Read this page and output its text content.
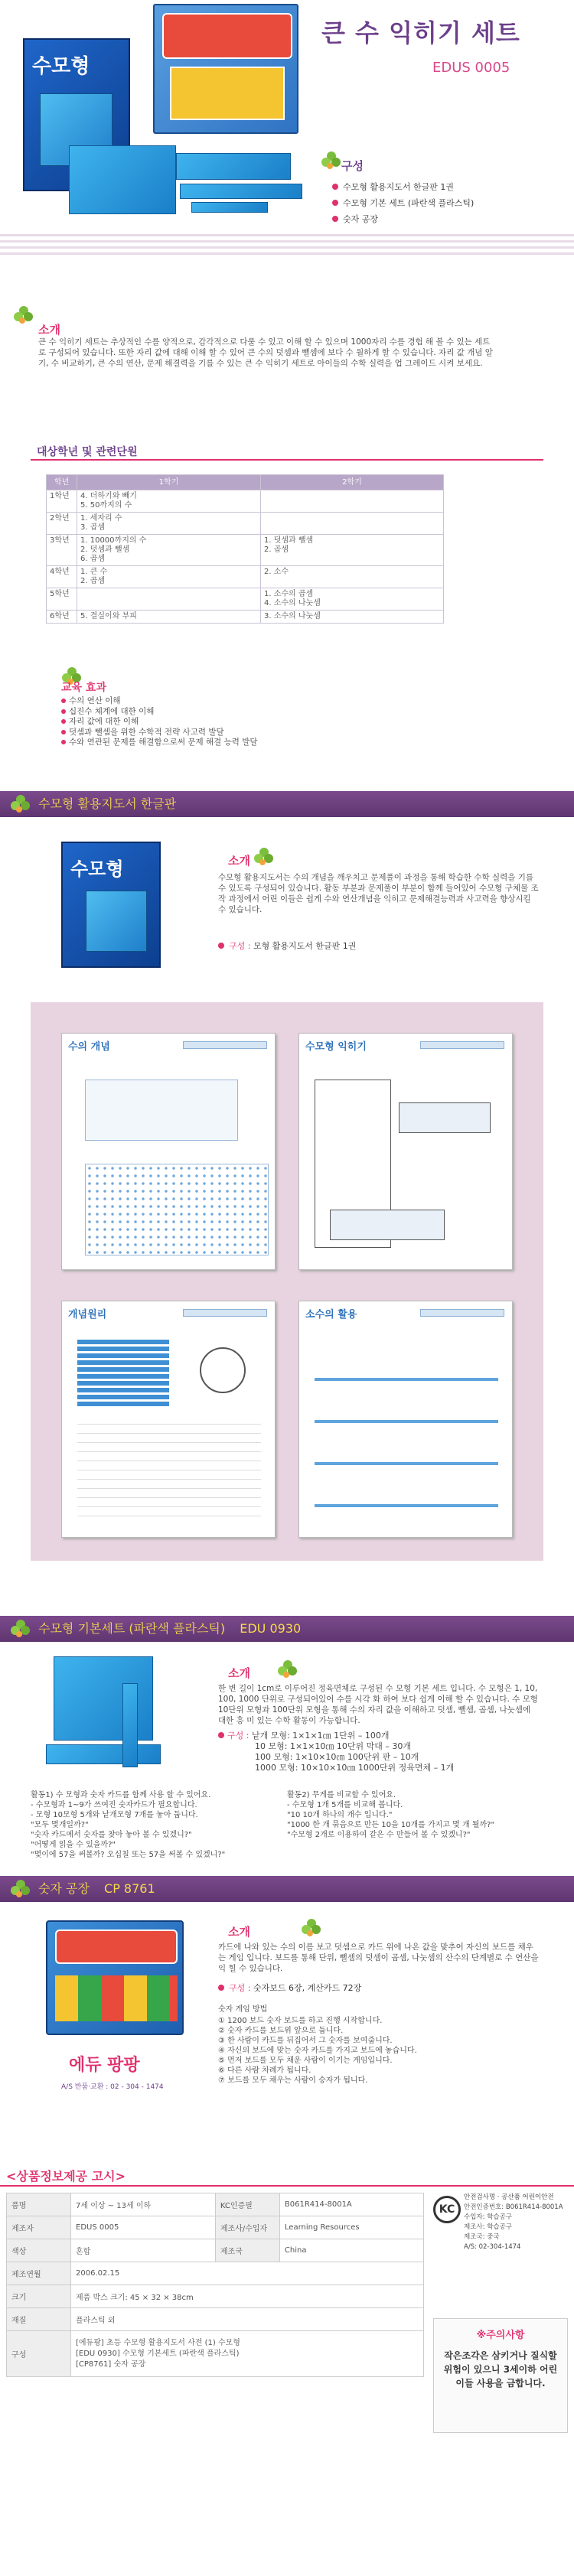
수모형
큰 수 익히기 세트
EDUS 0005
구성
수모형 활용지도서 한글판 1권
수모형 기본 세트 (파란색 플라스틱)
숫자 공장

소개
큰 수 익히기 세트는 추상적인 수를 양적으로, 감각적으로 다룰 수 있고 이해 할 수 있으며 1000자리 수를 경험 해 볼 수 있는 세트로 구성되어 있습니다. 또한 자리 값에 대해 이해 할 수 있어 큰 수의 덧셈과 뺄셈에 보다 수 월하게 할 수 있습니다. 자리 값 개념 알기, 수 비교하기, 큰 수의 연산, 문제 해결력을 기를 수 있는 큰 수 익히기 세트로 아이들의 수학 실력을 업 그레이드 시켜 보세요.
대상학년 및 관련단원
학년	1학기	2학기
1학년	4. 더하기와 빼기
5. 50까지의 수	
2학년	1. 세자리 수
3. 곱셈	
3학년	1. 10000까지의 수
2. 덧셈과 뺄셈
6. 곱셈	1. 덧셈과 뺄셈
2. 곱셈
4학년	1. 큰 수
2. 곱셈	2. 소수
5학년		1. 소수의 곱셈
4. 소수의 나눗셈
6학년	5. 결실이와 부피	3. 소수의 나눗셈

교육 효과
수의 연산 이해
십진수 체계에 대한 이해
자리 값에 대한 이해
덧셈과 뺄셈을 위한 수학적 전략 사고력 발달
수와 연관된 문제를 해결함으로써 문제 해결 능력 발달
수모형 활용지도서 한글판
수모형
	소개
수모형 활용지도서는 수의 개념을 깨우치고 문제풀이 과정을 통해 학습한 수학 실력을 기를 수 있도록 구성되어 있습니다. 활동 부분과 문제풀이 부분이 함께 들어있어 수모형 구체물 조작 과정에서 어린 이들은 쉽게 수와 연산개념을 익히고 문제해결능력과 사고력을 향상시킬 수 있습니다.
구성 : 모형 활용지도서 한글판 1권
수의 개념	수모형 익히기
개념원리	소수의 활용
수모형 기본세트 (파란색 플라스틱) EDU 0930

소개
한 변 길이 1cm로 이루어진 정육면체로 구성된 수 모형 기본 세트 입니다. 수 모형은 1, 10, 100, 1000 단위로 구성되어있어 수를 시각 화 하여 보다 쉽게 이해 할 수 있습니다. 수 모형 10단위 모형과 100단위 모형을 통해 수의 자리 값을 이해하고 덧셈, 뺄셈, 곱셈, 나눗셈에 대한 흥 미 있는 수학 활동이 가능합니다.
구성 : 낱개 모형: 1×1×1㎝ 1단위 – 100개
10 모형: 1×1×10㎝ 10단위 막대 – 30개
100 모형: 1×10×10㎝ 100단위 판 – 10개
1000 모형: 10×10×10㎝ 1000단위 정육면체 – 1개
활동1) 수 모형과 숫자 카드를 함께 사용 할 수 있어요.
- 수모형과 1~9가 쓰여진 숫자카드가 필요합니다.
- 모형 10모형 5개와 낱개모형 7개를 놓아 둡니다.
"모두 몇개일까?"
"숫자 카드에서 숫자를 찾아 놓아 볼 수 있겠니?"
"어떻게 읽을 수 있을까?"
"몇이에 57을 써볼까? 오십칠 또는 57을 써볼 수 있겠니?"
활동2) 무게를 비교할 수 있어요.
- 수모형 1개 5개를 비교해 봅니다.
"10 10개 하나의 개수 입니다."
"1000 한 개 묶음으로 만든 10을 10개를 가지고 몇 개 될까?"
"수모형 2개로 이용하여 같은 수 만들어 볼 수 있겠니?"
숫자 공장 CP 8761
에듀 팡팡
A/S 반품·교환 : 02 - 304 - 1474
소개
카드에 나와 있는 수의 이름 보고 덧셈으로 카드 위에 나온 값을 맞추어 자신의 보드를 채우는 게임 입니다. 보드를 통해 단위, 뺄셈의 덧셈이 곱셈, 나눗셈의 산수의 단계별로 수 연산을 익 힐 수 있습니다.
구성 : 숫자보드 6장, 계산카드 72장
숫자 게임 방법
① 1200 보드 숫자 보드를 하고 진행 시작합니다.
② 숫자 카드를 보드위 앞으로 둡니다.
③ 한 사람이 카드를 뒤집어서 그 숫자를 보여줍니다.
④ 자신의 보드에 맞는 숫자 카드를 가지고 보드에 놓습니다.
⑤ 먼저 보드를 모두 채운 사람이 이기는 게임입니다.
⑥ 다른 사람 차례가 됩니다.
⑦ 보드를 모두 채우는 사람이 승자가 됩니다.
<상품정보제공 고시>
품명	7세 이상 ~ 13세 이하	KC인증필	B061R414-8001A
제조자	EDUS 0005	제조사/수입자	Learning Resources
색상	혼합	제조국	China
제조연월	2006.02.15		
크기	제품 박스 크기: 45 × 32 × 38cm		
재질	플라스틱 외		
구성	[에듀팡] 초등 수모형 활용지도서 사전 (1) 수모형
[EDU 0930] 수모형 기본세트 (파란색 플라스틱)
[CP8761] 숫자 공장		
KC
안전검사명 · 공산품 어린이안전
안전인증번호: B061R414-8001A
수입자: 학습공구
제조사: 학습공구
제조국: 중국
A/S: 02-304-1474
※주의사항
작은조각은 삼키거나 질식할 위험이 있으니 3세이하 어린이들 사용을 금합니다.
